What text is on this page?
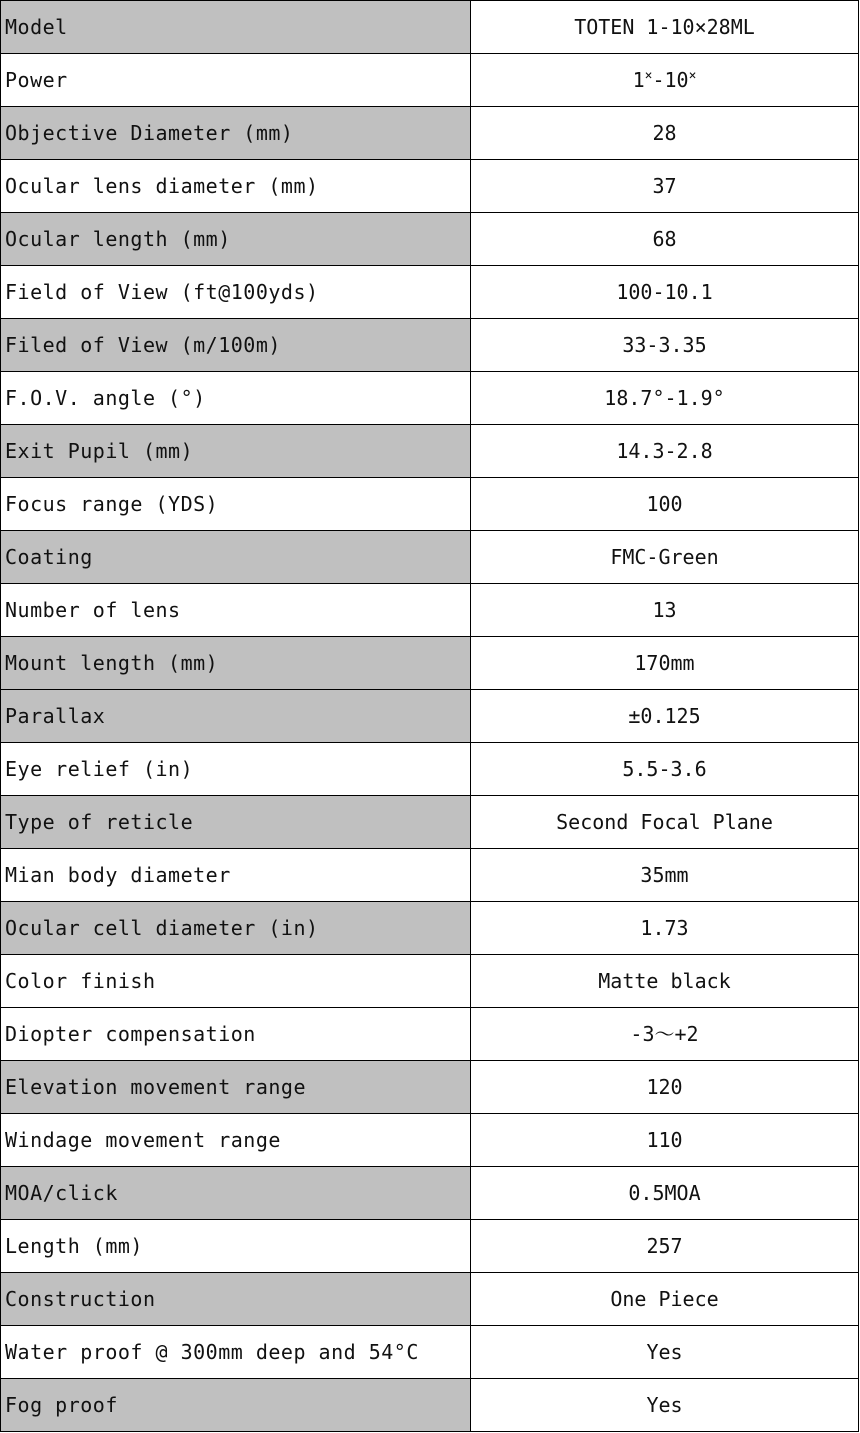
Model	TOTEN 1-10×28ML
Power	1×-10×
Objective Diameter (mm)	28
Ocular lens diameter (mm)	37
Ocular length (mm)	68
Field of View (ft@100yds)	100-10.1
Filed of View (m/100m)	33-3.35
F.O.V. angle (°)	18.7°-1.9°
Exit Pupil (mm)	14.3-2.8
Focus range (YDS)	100
Coating	FMC-Green
Number of lens	13
Mount length (mm)	170mm
Parallax	±0.125
Eye relief (in)	5.5-3.6
Type of reticle	Second Focal Plane
Mian body diameter	35mm
Ocular cell diameter (in)	1.73
Color finish	Matte black
Diopter compensation	-3～+2
Elevation movement range	120
Windage movement range	110
MOA/click	0.5MOA
Length (mm)	257
Construction	One Piece
Water proof @ 300mm deep and 54°C	Yes
Fog proof	Yes
